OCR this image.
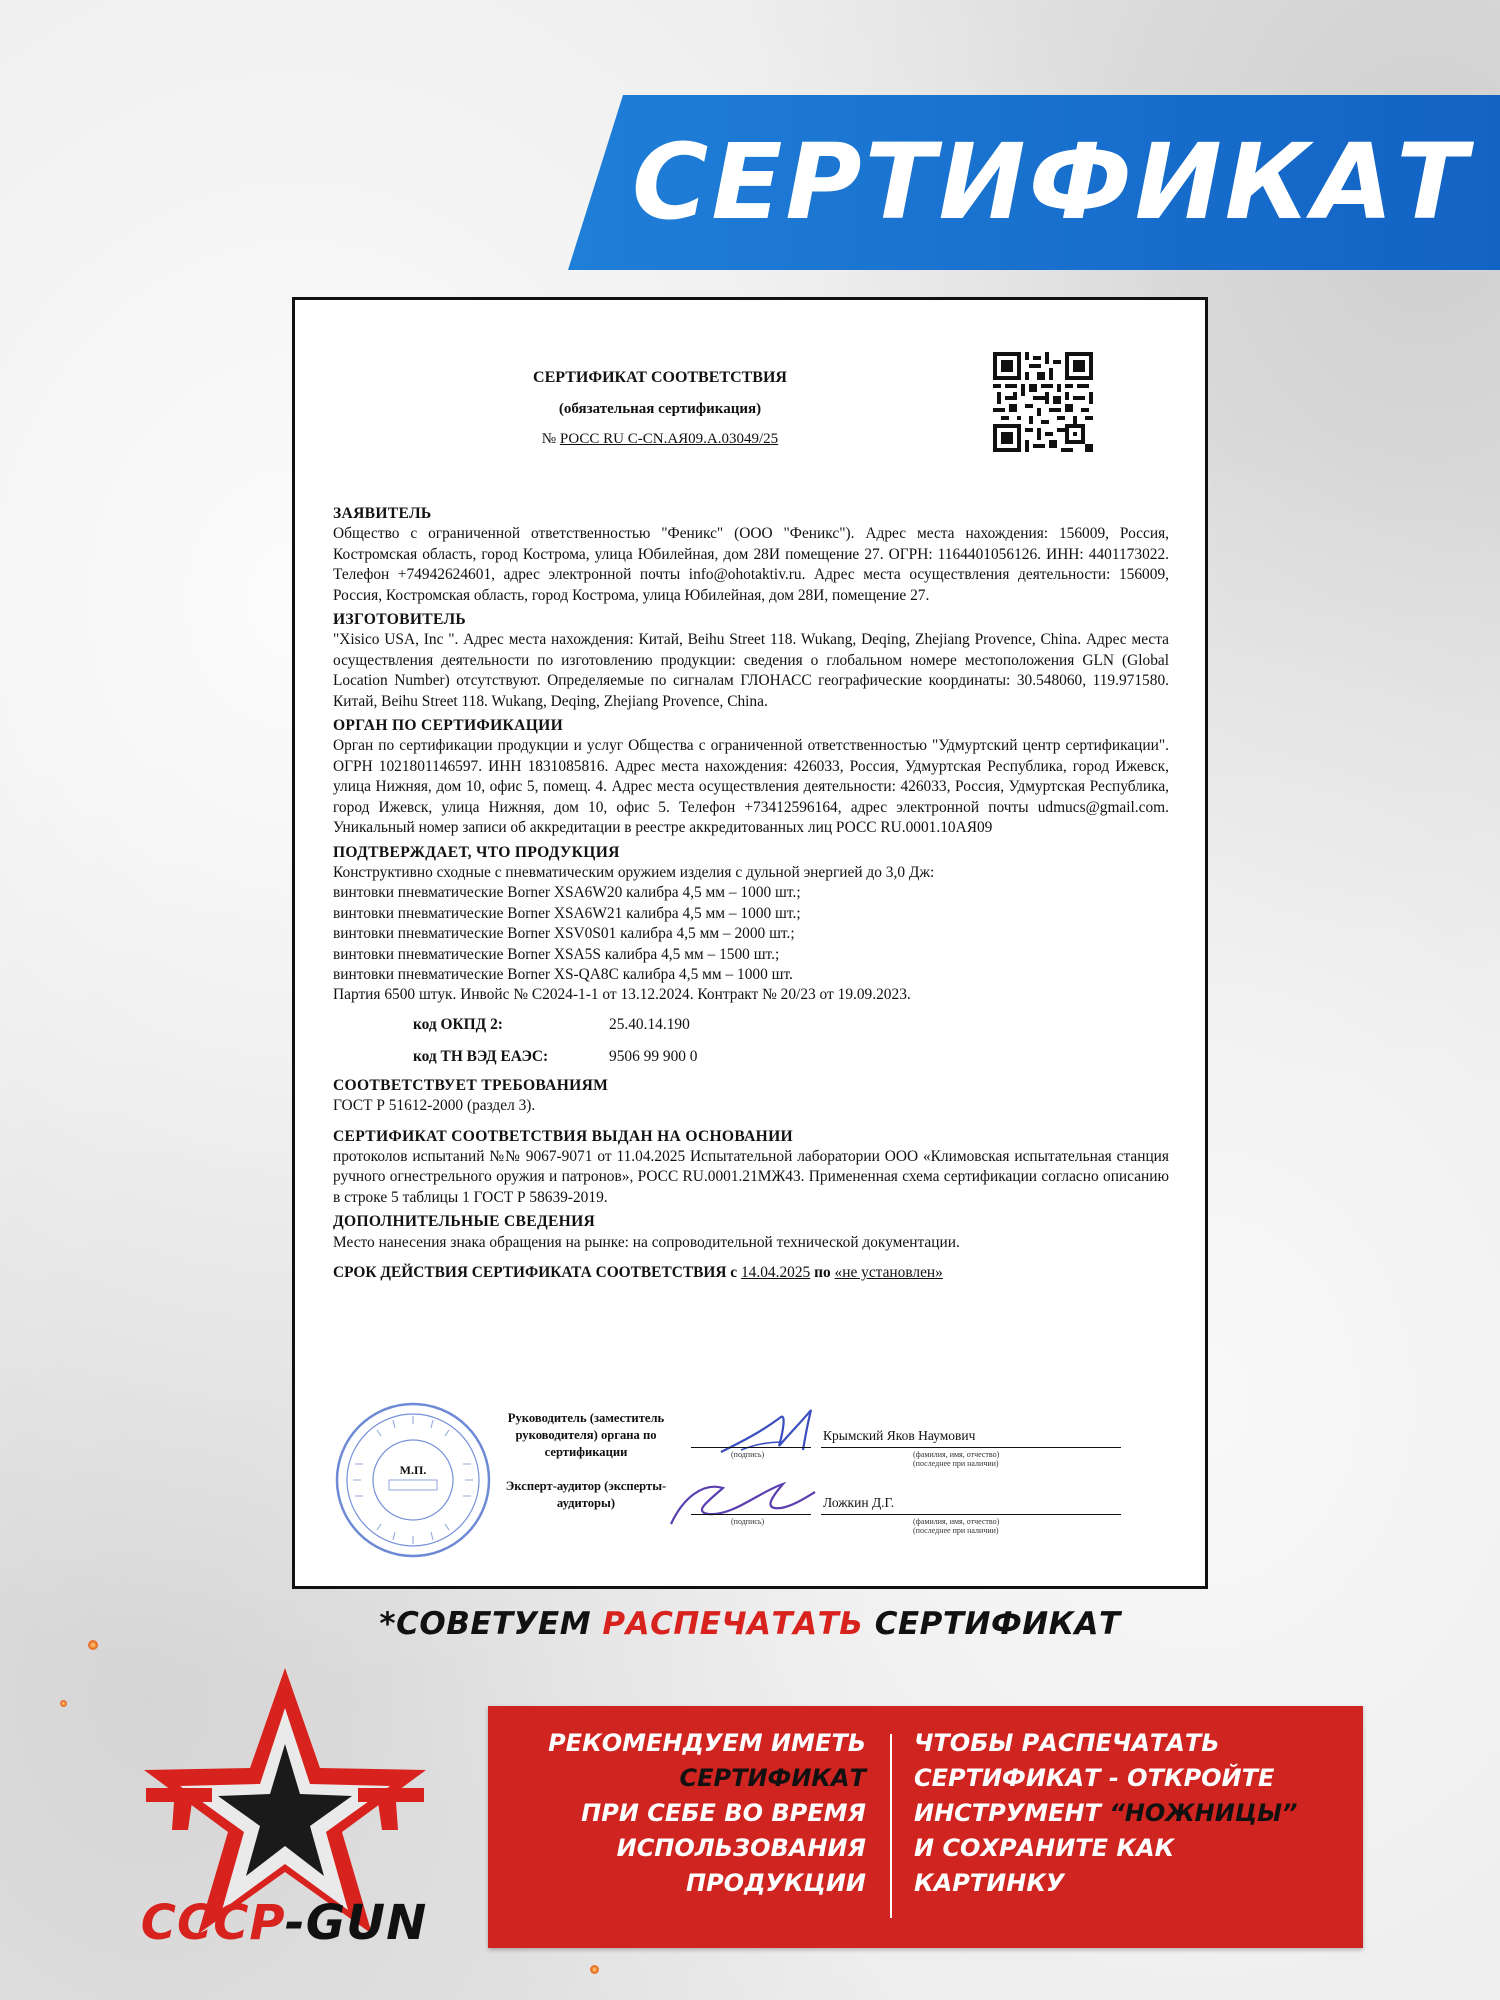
СЕРТИФИКАТ
СЕРТИФИКАТ СООТВЕТСТВИЯ
(обязательная сертификация)
№ РОСС RU C-CN.АЯ09.А.03049/25
ЗАЯВИТЕЛЬ
Общество с ограниченной ответственностью "Феникс" (ООО "Феникс"). Адрес места нахождения: 156009, Россия, Костромская область, город Кострома, улица Юбилейная, дом 28И помещение 27. ОГРН: 1164401056126. ИНН: 4401173022. Телефон +74942624601, адрес электронной почты info@ohotaktiv.ru. Адрес места осуществления деятельности: 156009, Россия, Костромская область, город Кострома, улица Юбилейная, дом 28И, помещение 27.
ИЗГОТОВИТЕЛЬ
"Xisico USA, Inc ". Адрес места нахождения: Китай, Beihu Street 118. Wukang, Deqing, Zhejiang Provence, China. Адрес места осуществления деятельности по изготовлению продукции: сведения о глобальном номере местоположения GLN (Global Location Number) отсутствуют. Определяемые по сигналам ГЛОНАСС географические координаты: 30.548060, 119.971580. Китай, Beihu Street 118. Wukang, Deqing, Zhejiang Provence, China.
ОРГАН ПО СЕРТИФИКАЦИИ
Орган по сертификации продукции и услуг Общества с ограниченной ответственностью "Удмуртский центр сертификации". ОГРН 1021801146597. ИНН 1831085816. Адрес места нахождения: 426033, Россия, Удмуртская Республика, город Ижевск, улица Нижняя, дом 10, офис 5, помещ. 4. Адрес места осуществления деятельности: 426033, Россия, Удмуртская Республика, город Ижевск, улица Нижняя, дом 10, офис 5. Телефон +73412596164, адрес электронной почты udmucs@gmail.com. Уникальный номер записи об аккредитации в реестре аккредитованных лиц РОСС RU.0001.10АЯ09
ПОДТВЕРЖДАЕТ, ЧТО ПРОДУКЦИЯ
Конструктивно сходные с пневматическим оружием изделия с дульной энергией до 3,0 Дж:
винтовки пневматические Borner XSA6W20 калибра 4,5 мм – 1000 шт.;
винтовки пневматические Borner XSA6W21 калибра 4,5 мм – 1000 шт.;
винтовки пневматические Borner XSV0S01 калибра 4,5 мм – 2000 шт.;
винтовки пневматические Borner XSA5S калибра 4,5 мм – 1500 шт.;
винтовки пневматические Borner XS-QA8C калибра 4,5 мм – 1000 шт.
Партия 6500 штук. Инвойс № C2024-1-1 от 13.12.2024. Контракт № 20/23 от 19.09.2023.
код ОКПД 2:	25.40.14.190
код ТН ВЭД ЕАЭС:	9506 99 900 0
СООТВЕТСТВУЕТ ТРЕБОВАНИЯМ
ГОСТ Р 51612-2000 (раздел 3).
СЕРТИФИКАТ СООТВЕТСТВИЯ ВЫДАН НА ОСНОВАНИИ
протоколов испытаний №№ 9067-9071 от 11.04.2025 Испытательной лаборатории ООО «Климовская испытательная станция ручного огнестрельного оружия и патронов», РОСС RU.0001.21МЖ43. Примененная схема сертификации согласно описанию в строке 5 таблицы 1 ГОСТ Р 58639-2019.
ДОПОЛНИТЕЛЬНЫЕ СВЕДЕНИЯ
Место нанесения знака обращения на рынке: на сопроводительной технической документации.
СРОК ДЕЙСТВИЯ СЕРТИФИКАТА СООТВЕТСТВИЯ с 14.04.2025 по «не установлен»
М.П.
Руководитель (заместитель руководителя) органа по сертификации
Эксперт-аудитор (эксперты-аудиторы)
(подпись)
Крымский Яков Наумович
(фамилия, имя, отчество) (последнее при наличии)
(подпись)
Ложкин Д.Г.
(фамилия, имя, отчество) (последнее при наличии)
*СОВЕТУЕМ РАСПЕЧАТАТЬ СЕРТИФИКАТ
CCCP-GUN
РЕКОМЕНДУЕМ ИМЕТЬ
СЕРТИФИКАТ
ПРИ СЕБЕ ВО ВРЕМЯ
ИСПОЛЬЗОВАНИЯ
ПРОДУКЦИИ
ЧТОБЫ РАСПЕЧАТАТЬ
СЕРТИФИКАТ - ОТКРОЙТЕ
ИНСТРУМЕНТ “НОЖНИЦЫ”
И СОХРАНИТЕ КАК
КАРТИНКУ
